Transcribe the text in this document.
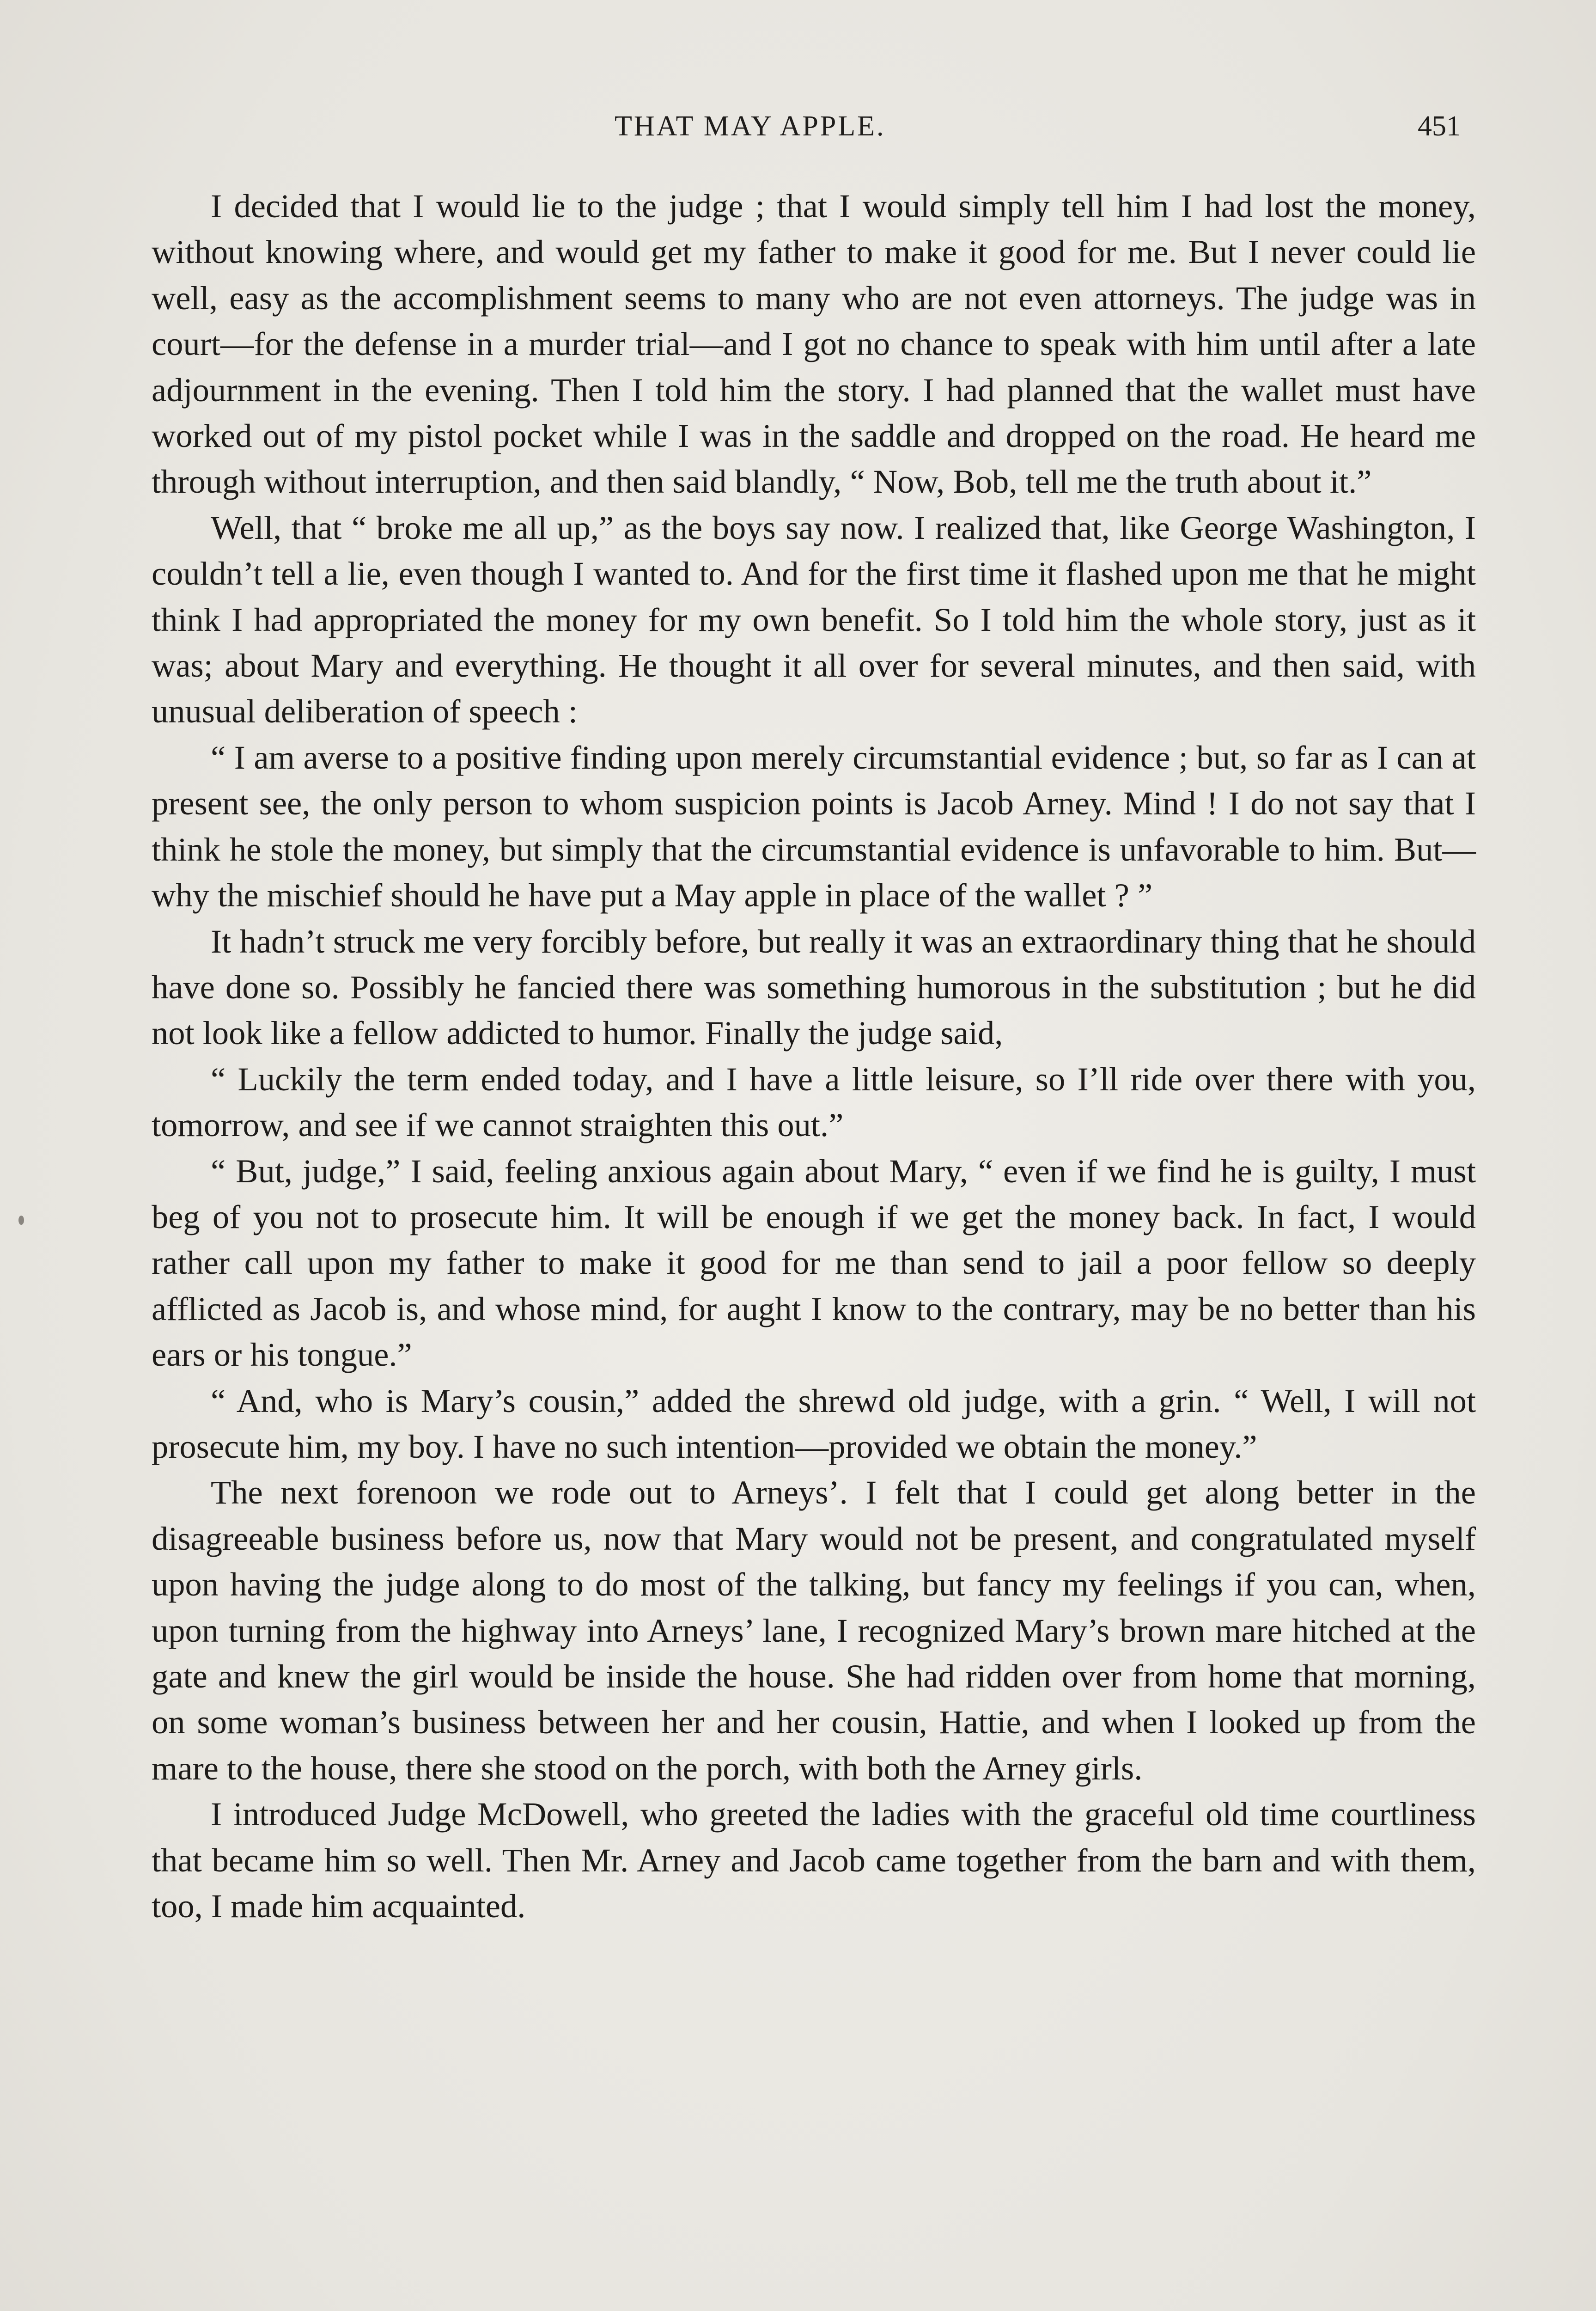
THAT MAY APPLE.	451

I decided that I would lie to the judge ; that I would simply tell him I had lost the money, without knowing where, and would get my father to make it good for me. But I never could lie well, easy as the accomplishment seems to many who are not even attorneys. The judge was in court—for the defense in a murder trial—and I got no chance to speak with him until after a late adjournment in the evening. Then I told him the story. I had planned that the wallet must have worked out of my pistol pocket while I was in the saddle and dropped on the road. He heard me through without interruption, and then said blandly, “ Now, Bob, tell me the truth about it.”

Well, that “ broke me all up,” as the boys say now. I realized that, like George Washington, I couldn’t tell a lie, even though I wanted to. And for the first time it flashed upon me that he might think I had appropriated the money for my own benefit. So I told him the whole story, just as it was; about Mary and everything. He thought it all over for several minutes, and then said, with unusual deliberation of speech :

“ I am averse to a positive finding upon merely circumstantial evidence ; but, so far as I can at present see, the only person to whom suspicion points is Jacob Arney. Mind ! I do not say that I think he stole the money, but simply that the circumstantial evidence is unfavorable to him. But—why the mischief should he have put a May apple in place of the wallet ? ”

It hadn’t struck me very forcibly before, but really it was an extraordinary thing that he should have done so. Possibly he fancied there was something humorous in the substitution ; but he did not look like a fellow addicted to humor. Finally the judge said,

“ Luckily the term ended today, and I have a little leisure, so I’ll ride over there with you, tomorrow, and see if we cannot straighten this out.”

“ But, judge,” I said, feeling anxious again about Mary, “ even if we find he is guilty, I must beg of you not to prosecute him. It will be enough if we get the money back. In fact, I would rather call upon my father to make it good for me than send to jail a poor fellow so deeply afflicted as Jacob is, and whose mind, for aught I know to the contrary, may be no better than his ears or his tongue.”

“ And, who is Mary’s cousin,” added the shrewd old judge, with a grin. “ Well, I will not prosecute him, my boy. I have no such intention—provided we obtain the money.”

The next forenoon we rode out to Arneys’. I felt that I could get along better in the disagreeable business before us, now that Mary would not be present, and congratulated myself upon having the judge along to do most of the talking, but fancy my feelings if you can, when, upon turning from the highway into Arneys’ lane, I recognized Mary’s brown mare hitched at the gate and knew the girl would be inside the house. She had ridden over from home that morning, on some woman’s business between her and her cousin, Hattie, and when I looked up from the mare to the house, there she stood on the porch, with both the Arney girls.

I introduced Judge McDowell, who greeted the ladies with the graceful old time courtliness that became him so well. Then Mr. Arney and Jacob came together from the barn and with them, too, I made him acquainted.
